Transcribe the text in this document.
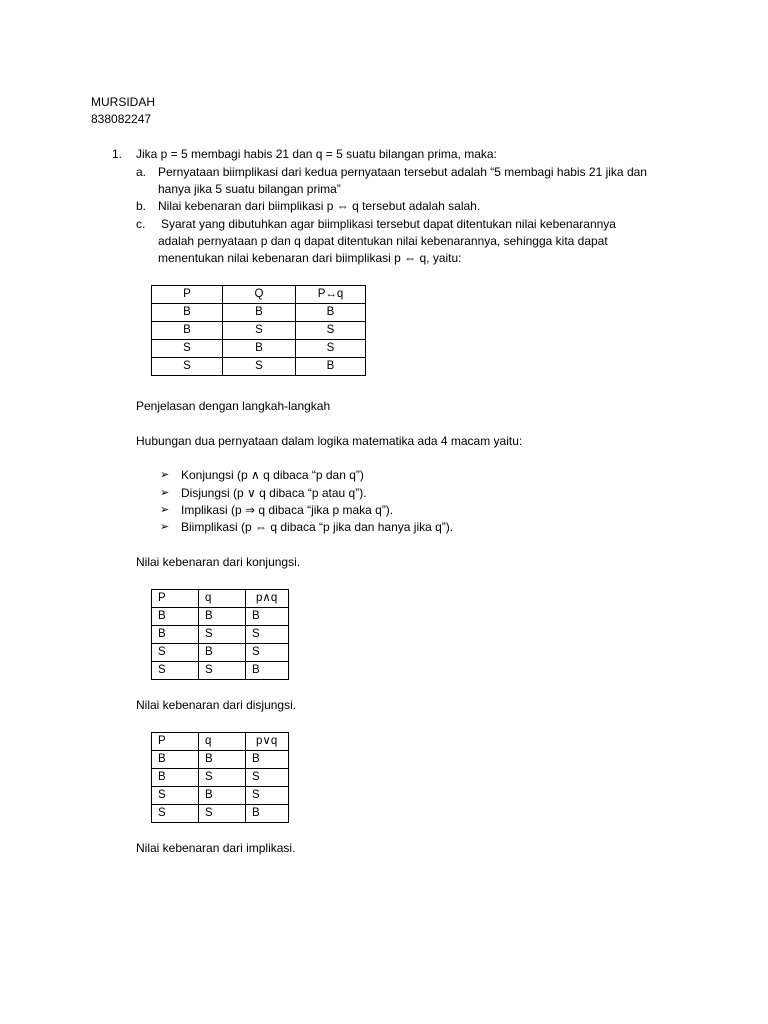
MURSIDAH
838082247
1. Jika p = 5 membagi habis 21 dan q = 5 suatu bilangan prima, maka:
a. Pernyataan biimplikasi dari kedua pernyataan tersebut adalah “5 membagi habis 21 jika dan
hanya jika 5 suatu bilangan prima”
b. Nilai kebenaran dari biimplikasi p ⇔ q tersebut adalah salah.
c. Syarat yang dibutuhkan agar biimplikasi tersebut dapat ditentukan nilai kebenarannya
adalah pernyataan p dan q dapat ditentukan nilai kebenarannya, sehingga kita dapat
menentukan nilai kebenaran dari biimplikasi p ⇔ q, yaitu:
P	Q	P↔q
B	B	B
B	S	S
S	B	S
S	S	B
Penjelasan dengan langkah-langkah
Hubungan dua pernyataan dalam logika matematika ada 4 macam yaitu:
➢ Konjungsi (p ∧ q dibaca “p dan q”)
➢ Disjungsi (p ∨ q dibaca “p atau q”).
➢ Implikasi (p ⇒ q dibaca “jika p maka q”).
➢ Biimplikasi (p ⇔ q dibaca “p jika dan hanya jika q”).
Nilai kebenaran dari konjungsi.
P	q	p∧q
B	B	B
B	S	S
S	B	S
S	S	B
Nilai kebenaran dari disjungsi.
P	q	p∨q
B	B	B
B	S	S
S	B	S
S	S	B
Nilai kebenaran dari implikasi.
